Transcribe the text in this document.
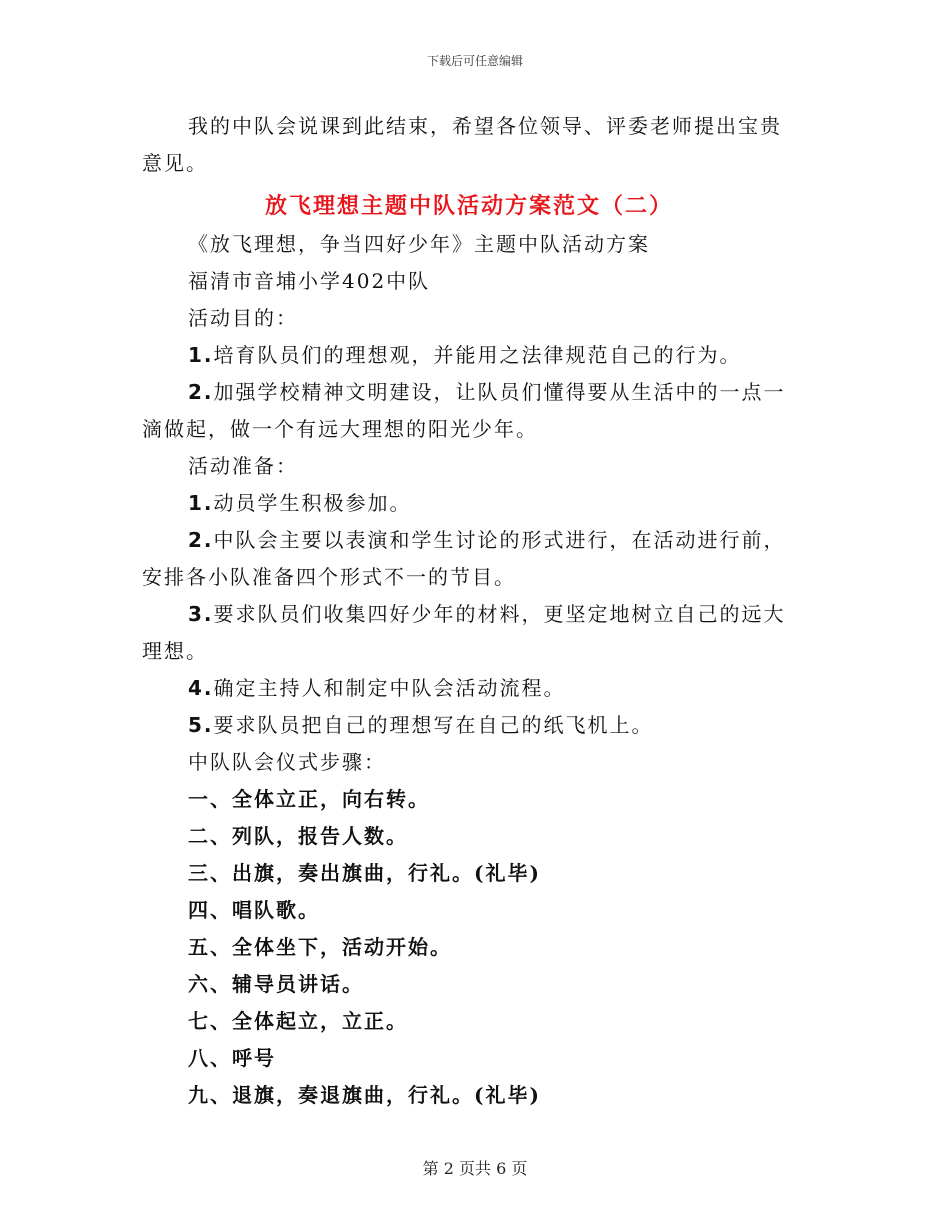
下载后可任意编辑

我的中队会说课到此结束，希望各位领导、评委老师提出宝贵意见。

放飞理想主题中队活动方案范文（二）

《放飞理想，争当四好少年》主题中队活动方案

福清市音埔小学402中队

活动目的：

1.培育队员们的理想观，并能用之法律规范自己的行为。

2.加强学校精神文明建设，让队员们懂得要从生活中的一点一滴做起，做一个有远大理想的阳光少年。

活动准备：

1.动员学生积极参加。

2.中队会主要以表演和学生讨论的形式进行，在活动进行前，安排各小队准备四个形式不一的节目。

3.要求队员们收集四好少年的材料，更坚定地树立自己的远大理想。

4.确定主持人和制定中队会活动流程。

5.要求队员把自己的理想写在自己的纸飞机上。

中队队会仪式步骤：

一、全体立正，向右转。

二、列队，报告人数。

三、出旗，奏出旗曲，行礼。(礼毕)

四、唱队歌。

五、全体坐下，活动开始。

六、辅导员讲话。

七、全体起立，立正。

八、呼号

九、退旗，奏退旗曲，行礼。(礼毕)

第 2 页共 6 页
